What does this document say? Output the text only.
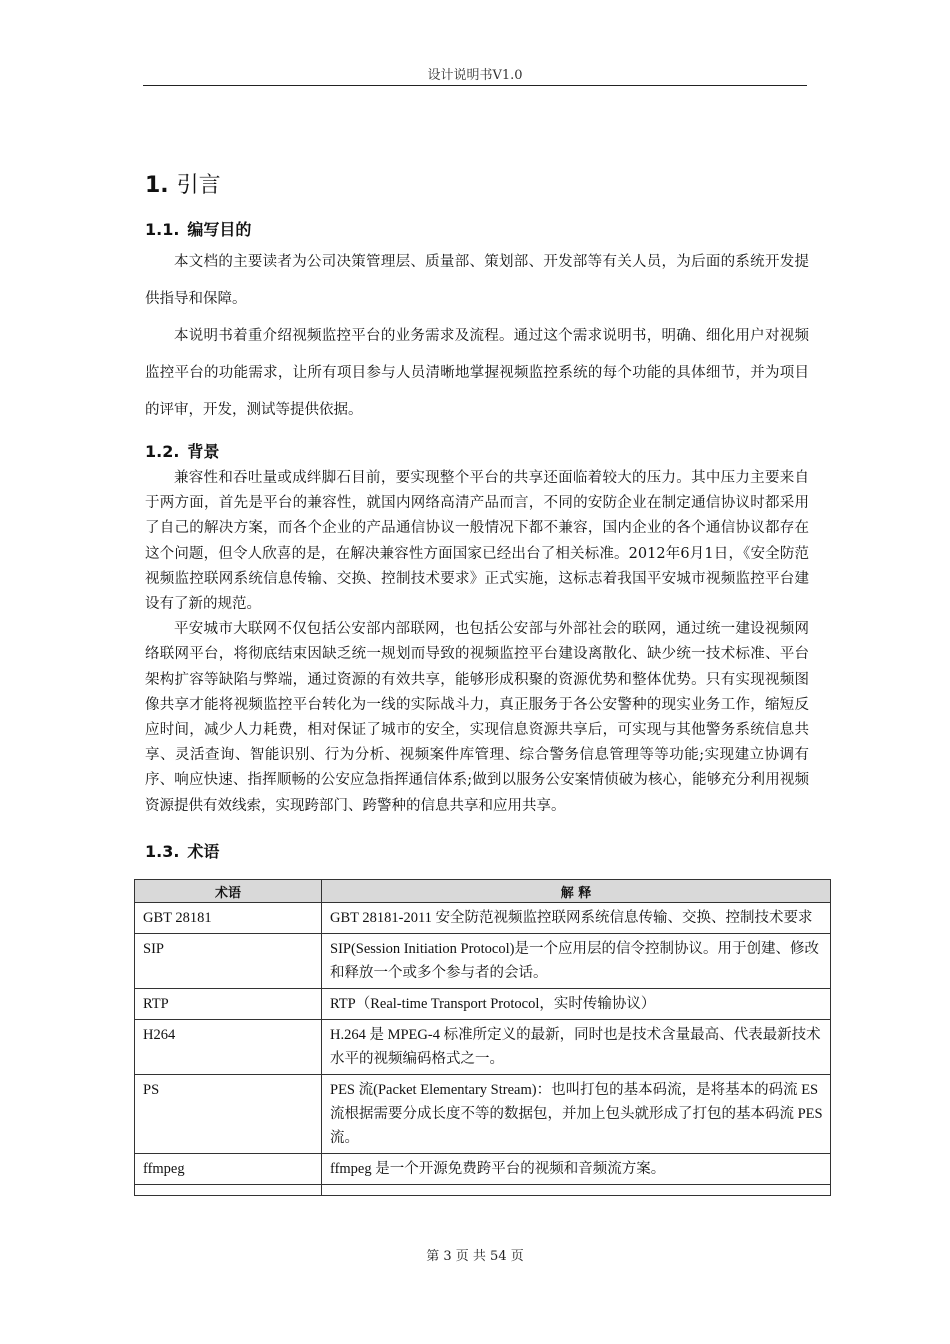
设计说明书V1.0
1. 引言
1.1. 编写目的

本文档的主要读者为公司决策管理层、质量部、策划部、开发部等有关人员，为后面的系统开发提供指导和保障。

本说明书着重介绍视频监控平台的业务需求及流程。通过这个需求说明书，明确、细化用户对视频监控平台的功能需求，让所有项目参与人员清晰地掌握视频监控系统的每个功能的具体细节，并为项目的评审，开发，测试等提供依据。

1.2. 背景

兼容性和吞吐量或成绊脚石目前，要实现整个平台的共享还面临着较大的压力。其中压力主要来自于两方面，首先是平台的兼容性，就国内网络高清产品而言，不同的安防企业在制定通信协议时都采用了自己的解决方案，而各个企业的产品通信协议一般情况下都不兼容，国内企业的各个通信协议都存在这个问题，但令人欣喜的是，在解决兼容性方面国家已经出台了相关标准。2012年6月1日，《安全防范视频监控联网系统信息传输、交换、控制技术要求》正式实施，这标志着我国平安城市视频监控平台建设有了新的规范。

平安城市大联网不仅包括公安部内部联网，也包括公安部与外部社会的联网，通过统一建设视频网络联网平台，将彻底结束因缺乏统一规划而导致的视频监控平台建设离散化、缺少统一技术标准、平台架构扩容等缺陷与弊端，通过资源的有效共享，能够形成积聚的资源优势和整体优势。只有实现视频图像共享才能将视频监控平台转化为一线的实际战斗力，真正服务于各公安警种的现实业务工作，缩短反应时间，减少人力耗费，相对保证了城市的安全，实现信息资源共享后，可实现与其他警务系统信息共享、灵活查询、智能识别、行为分析、视频案件库管理、综合警务信息管理等等功能;实现建立协调有序、响应快速、指挥顺畅的公安应急指挥通信体系;做到以服务公安案情侦破为核心，能够充分利用视频资源提供有效线索，实现跨部门、跨警种的信息共享和应用共享。

1.3. 术语
术语	解 释
GBT 28181	GBT 28181-2011 安全防范视频监控联网系统信息传输、交换、控制技术要求
SIP	SIP(Session Initiation Protocol)是一个应用层的信令控制协议。用于创建、修改和释放一个或多个参与者的会话。
RTP	RTP（Real-time Transport Protocol，实时传输协议）
H264	H.264 是 MPEG-4 标准所定义的最新，同时也是技术含量最高、代表最新技术水平的视频编码格式之一。
PS	PES 流(Packet Elementary Stream)：也叫打包的基本码流，是将基本的码流 ES 流根据需要分成长度不等的数据包，并加上包头就形成了打包的基本码流 PES 流。
ffmpeg	ffmpeg 是一个开源免费跨平台的视频和音频流方案。

第 3 页 共 54 页
